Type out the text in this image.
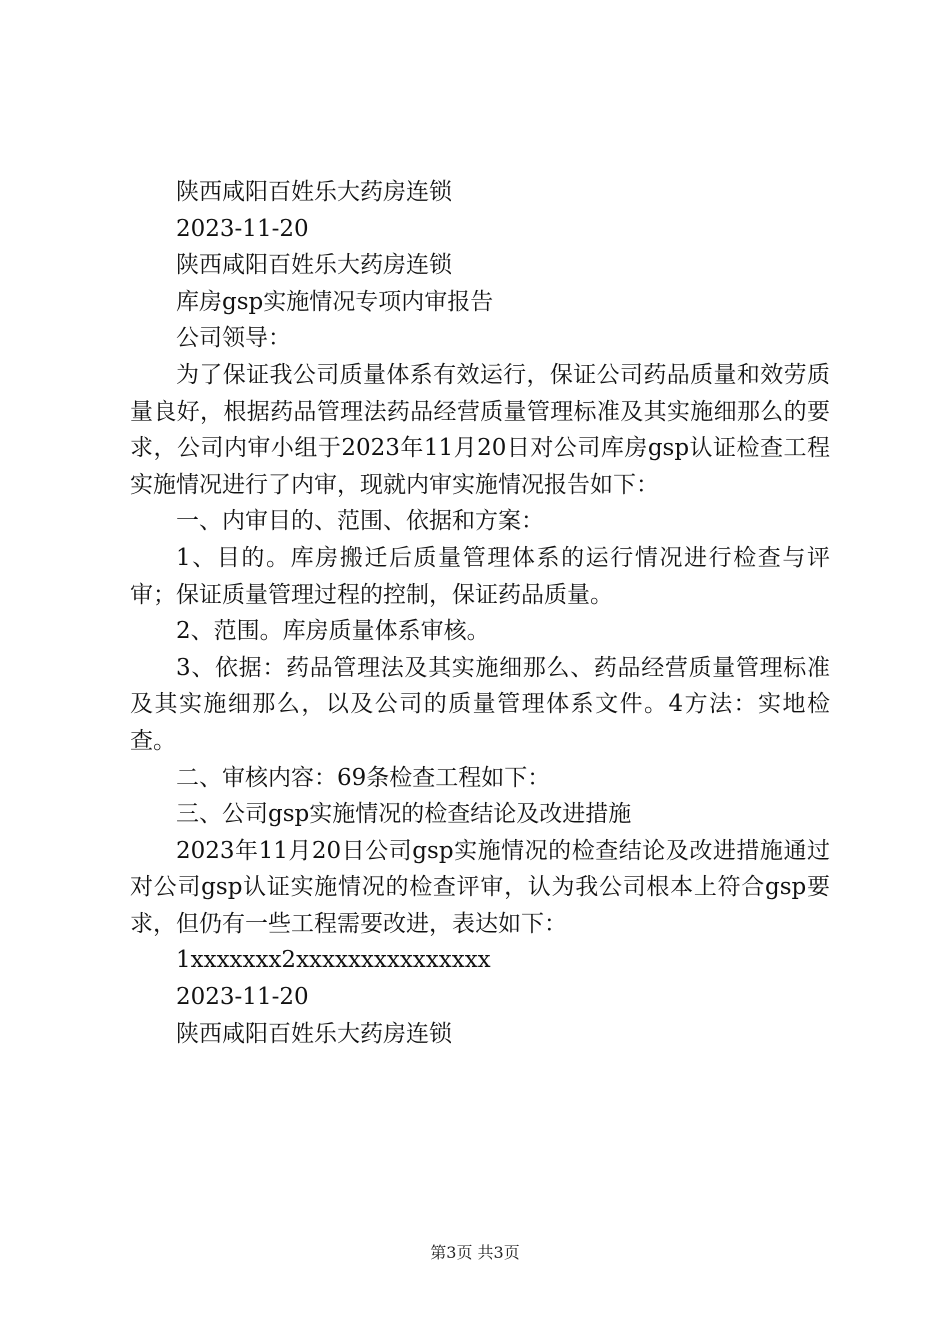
陕西咸阳百姓乐大药房连锁

2023-11-20

陕西咸阳百姓乐大药房连锁

库房gsp实施情况专项内审报告

公司领导：

为了保证我公司质量体系有效运行，保证公司药品质量和效劳质量良好，根据药品管理法药品经营质量管理标准及其实施细那么的要求，公司内审小组于2023年11月20日对公司库房gsp认证检查工程实施情况进行了内审，现就内审实施情况报告如下：

一、内审目的、范围、依据和方案：

1、目的。库房搬迁后质量管理体系的运行情况进行检查与评审；保证质量管理过程的控制，保证药品质量。

2、范围。库房质量体系审核。

3、依据：药品管理法及其实施细那么、药品经营质量管理标准及其实施细那么，以及公司的质量管理体系文件。4方法：实地检查。

二、审核内容：69条检查工程如下：

三、公司gsp实施情况的检查结论及改进措施

2023年11月20日公司gsp实施情况的检查结论及改进措施通过对公司gsp认证实施情况的检查评审，认为我公司根本上符合gsp要求，但仍有一些工程需要改进，表达如下：

1xxxxxxx2xxxxxxxxxxxxxxx

2023-11-20

陕西咸阳百姓乐大药房连锁

第3页 共3页
